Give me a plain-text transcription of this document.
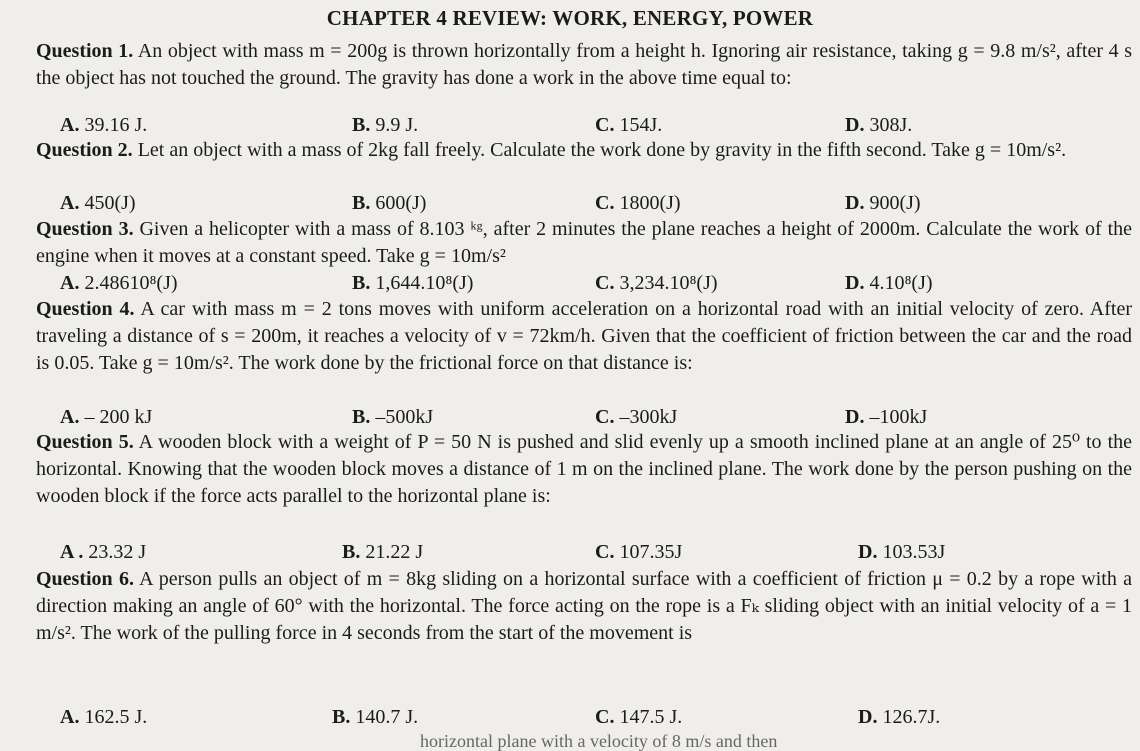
CHAPTER 4 REVIEW: WORK, ENERGY, POWER
Question 1. An object with mass m = 200g is thrown horizontally from a height h. Ignoring air resistance, taking g = 9.8 m/s², after 4 s the object has not touched the ground. The gravity has done a work in the above time equal to:
A. 39.16 J.	B. 9.9 J.	C. 154J.	D. 308J.
Question 2. Let an object with a mass of 2kg fall freely. Calculate the work done by gravity in the fifth second. Take g = 10m/s².
A. 450(J)	B. 600(J)	C. 1800(J)	D. 900(J)
Question 3. Given a helicopter with a mass of 8.103 ᵏᵍ, after 2 minutes the plane reaches a height of 2000m. Calculate the work of the engine when it moves at a constant speed. Take g = 10m/s²
A. 2.48610⁸(J)	B. 1,644.10⁸(J)	C. 3,234.10⁸(J)	D. 4.10⁸(J)
Question 4. A car with mass m = 2 tons moves with uniform acceleration on a horizontal road with an initial velocity of zero. After traveling a distance of s = 200m, it reaches a velocity of v = 72km/h. Given that the coefficient of friction between the car and the road is 0.05. Take g = 10m/s². The work done by the frictional force on that distance is:
A. – 200 kJ	B. –500kJ	C. –300kJ	D. –100kJ
Question 5. A wooden block with a weight of P = 50 N is pushed and slid evenly up a smooth inclined plane at an angle of 25⁰ to the horizontal. Knowing that the wooden block moves a distance of 1 m on the inclined plane. The work done by the person pushing on the wooden block if the force acts parallel to the horizontal plane is:
A . 23.32 J	B. 21.22 J	C. 107.35J	D. 103.53J
Question 6. A person pulls an object of m = 8kg sliding on a horizontal surface with a coefficient of friction μ = 0.2 by a rope with a direction making an angle of 60° with the horizontal. The force acting on the rope is a Fₖ sliding object with an initial velocity of a = 1 m/s². The work of the pulling force in 4 seconds from the start of the movement is
A. 162.5 J.	B. 140.7 J.	C. 147.5 J.	D. 126.7J.
horizontal plane with a velocity of 8 m/s and then
